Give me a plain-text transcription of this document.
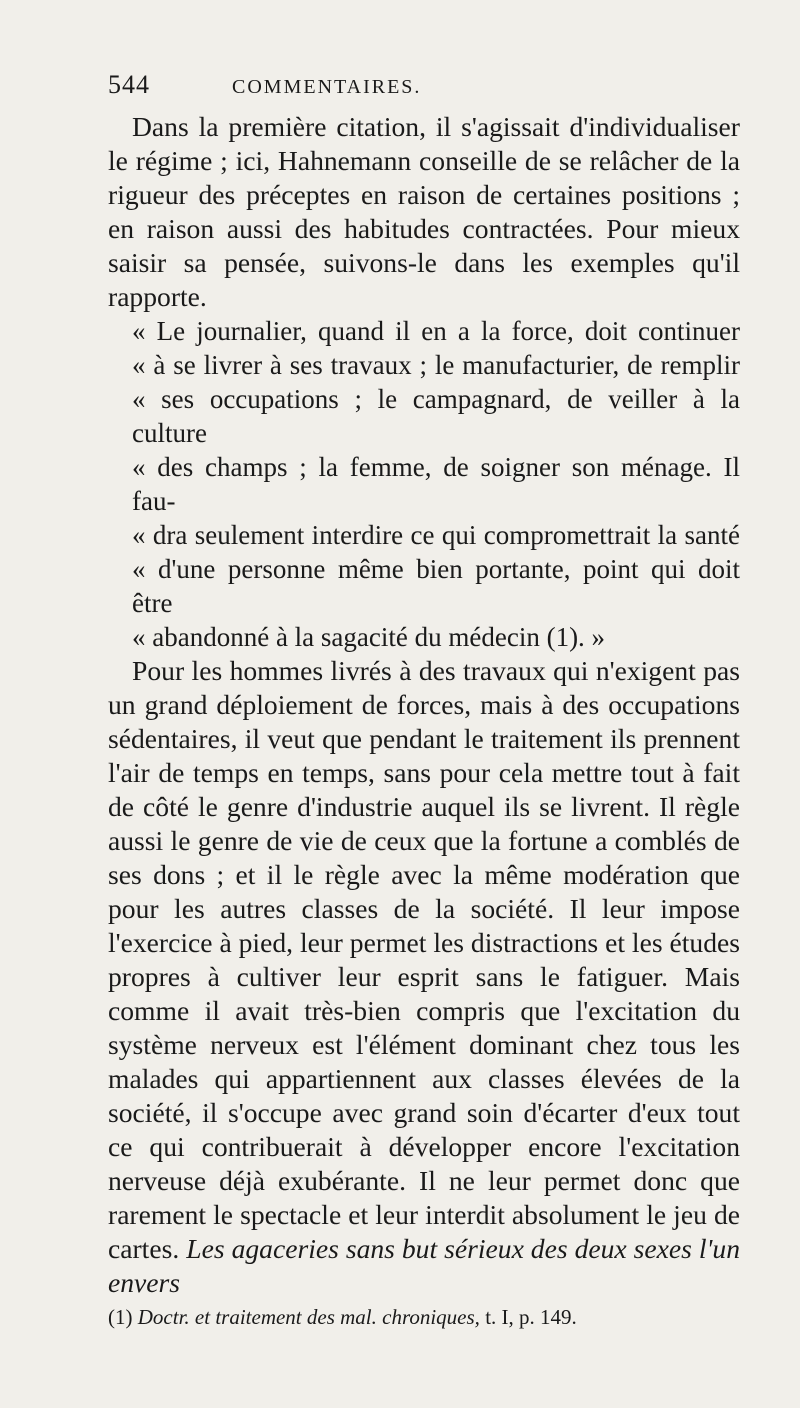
544	COMMENTAIRES.

Dans la première citation, il s'agissait d'individualiser le régime ; ici, Hahnemann conseille de se relâcher de la rigueur des préceptes en raison de certaines positions ; en raison aussi des habitudes contractées. Pour mieux saisir sa pensée, suivons-le dans les exemples qu'il rapporte.

« Le journalier, quand il en a la force, doit continuer
« à se livrer à ses travaux ; le manufacturier, de remplir
« ses occupations ; le campagnard, de veiller à la culture
« des champs ; la femme, de soigner son ménage. Il fau-
« dra seulement interdire ce qui compromettrait la santé
« d'une personne même bien portante, point qui doit être
« abandonné à la sagacité du médecin (1). »

Pour les hommes livrés à des travaux qui n'exigent pas un grand déploiement de forces, mais à des occupations sédentaires, il veut que pendant le traitement ils prennent l'air de temps en temps, sans pour cela mettre tout à fait de côté le genre d'industrie auquel ils se livrent. Il règle aussi le genre de vie de ceux que la fortune a comblés de ses dons ; et il le règle avec la même modération que pour les autres classes de la société. Il leur impose l'exercice à pied, leur permet les distractions et les études propres à cultiver leur esprit sans le fatiguer. Mais comme il avait très-bien compris que l'excitation du système nerveux est l'élément dominant chez tous les malades qui appartiennent aux classes élevées de la société, il s'occupe avec grand soin d'écarter d'eux tout ce qui contribuerait à développer encore l'excitation nerveuse déjà exubérante. Il ne leur permet donc que rarement le spectacle et leur interdit absolument le jeu de cartes. Les agaceries sans but sérieux des deux sexes l'un envers

(1) Doctr. et traitement des mal. chroniques, t. I, p. 149.
